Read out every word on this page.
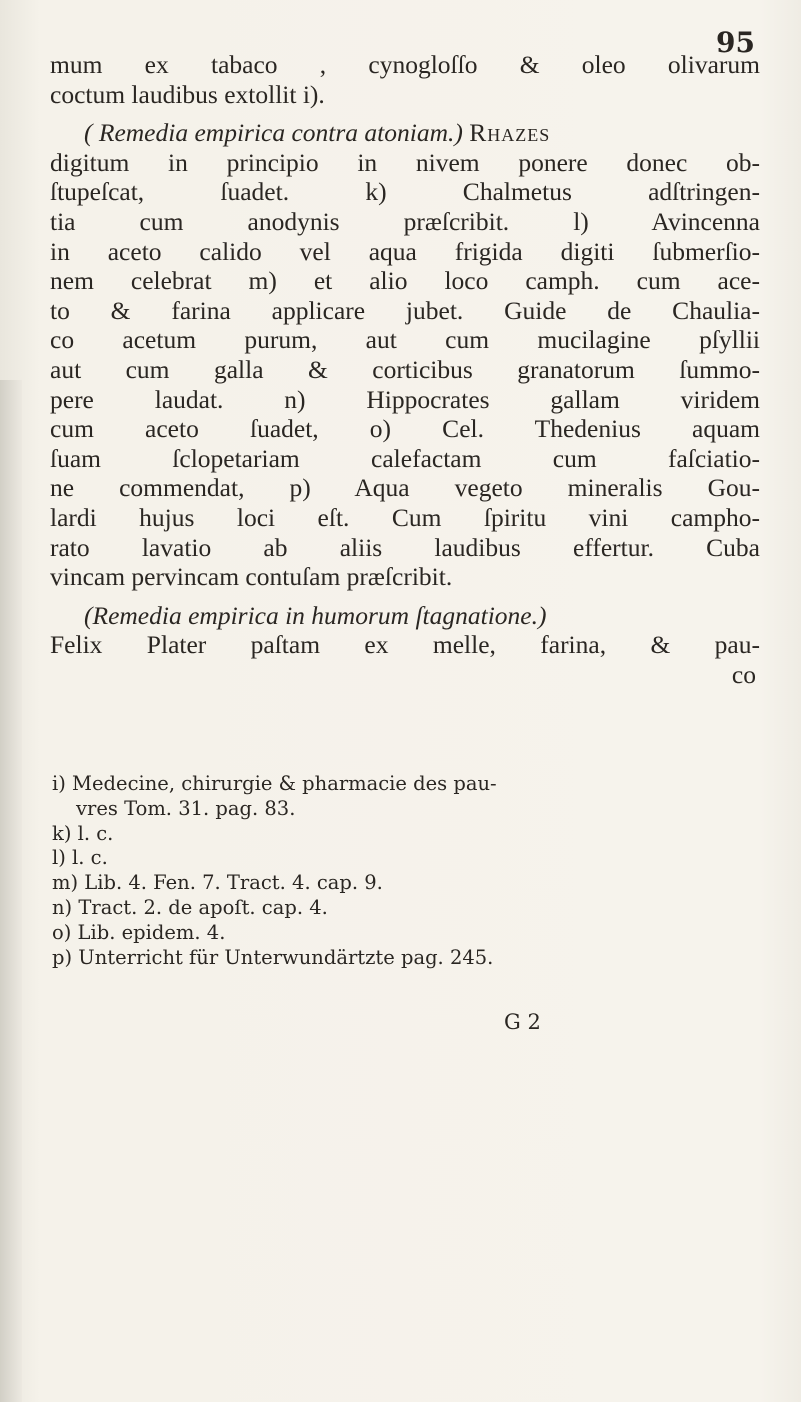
95
mum ex tabaco , cynogloſſo & oleo olivarum
coctum laudibus extollit i).
( Remedia empirica contra atoniam.) Rhazes
digitum in principio in nivem ponere donec ob-
ſtupeſcat, ſuadet. k) Chalmetus adſtringen-
tia cum anodynis præſcribit. l) Avincenna
in aceto calido vel aqua frigida digiti ſubmerſio-
nem celebrat m) et alio loco camph. cum ace-
to & farina applicare jubet. Guide de Chaulia-
co acetum purum, aut cum mucilagine pſyllii
aut cum galla & corticibus granatorum ſummo-
pere laudat. n) Hippocrates gallam viridem
cum aceto ſuadet, o) Cel. Thedenius aquam
ſuam ſclopetariam calefactam cum faſciatio-
ne commendat, p) Aqua vegeto mineralis Gou-
lardi hujus loci eſt. Cum ſpiritu vini campho-
rato lavatio ab aliis laudibus effertur. Cuba
vincam pervincam contuſam præſcribit.
(Remedia empirica in humorum ſtagnatione.)
Felix Plater paſtam ex melle, farina, & pau-
co
i) Medecine, chirurgie & pharmacie des pau-
vres Tom. 31. pag. 83.
k) l. c.
l) l. c.
m) Lib. 4. Fen. 7. Tract. 4. cap. 9.
n) Tract. 2. de apoſt. cap. 4.
o) Lib. epidem. 4.
p) Unterricht für Unterwundärtzte pag. 245.
G 2
